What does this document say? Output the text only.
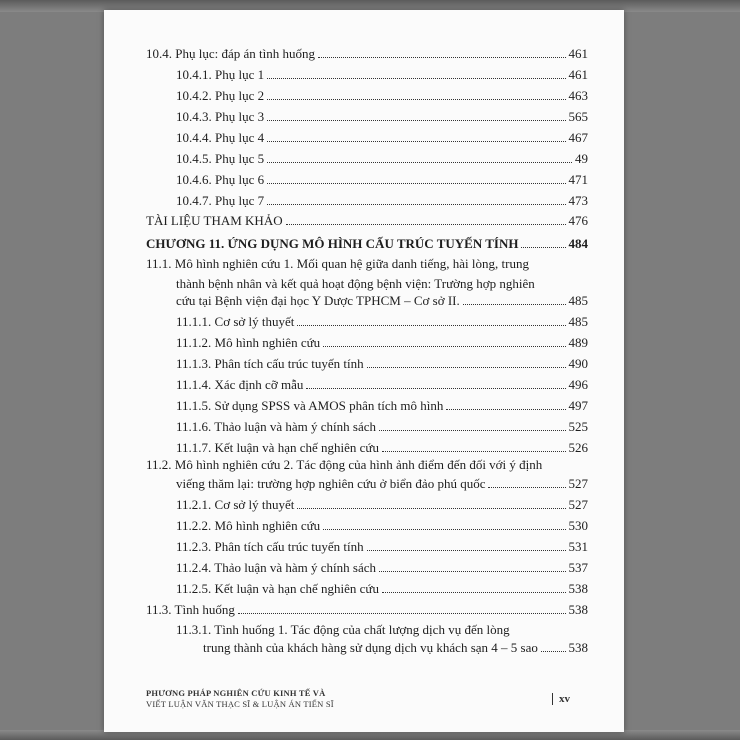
10.4. Phụ lục: đáp án tình huống	461
10.4.1. Phụ lục 1	461
10.4.2. Phụ lục 2	463
10.4.3. Phụ lục 3	565
10.4.4. Phụ lục 4	467
10.4.5. Phụ lục 5	49
10.4.6. Phụ lục 6	471
10.4.7. Phụ lục 7	473
TÀI LIỆU THAM KHẢO	476
CHƯƠNG 11. ỨNG DỤNG MÔ HÌNH CẤU TRÚC TUYẾN TÍNH	484
11.1. Mô hình nghiên cứu 1. Mối quan hệ giữa danh tiếng, hài lòng, trung
thành bệnh nhân và kết quả hoạt động bệnh viện: Trường hợp nghiên
cứu tại Bệnh viện đại học Y Dược TPHCM – Cơ sở II.	485
11.1.1. Cơ sở lý thuyết	485
11.1.2. Mô hình nghiên cứu	489
11.1.3. Phân tích cấu trúc tuyến tính	490
11.1.4. Xác định cỡ mẫu	496
11.1.5. Sử dụng SPSS và AMOS phân tích mô hình	497
11.1.6. Thảo luận và hàm ý chính sách	525
11.1.7. Kết luận và hạn chế nghiên cứu	526
11.2. Mô hình nghiên cứu 2. Tác động của hình ảnh điểm đến đối với ý định
viếng thăm lại: trường hợp nghiên cứu ở biển đảo phú quốc	527
11.2.1. Cơ sở lý thuyết	527
11.2.2. Mô hình nghiên cứu	530
11.2.3. Phân tích cấu trúc tuyến tính	531
11.2.4. Thảo luận và hàm ý chính sách	537
11.2.5. Kết luận và hạn chế nghiên cứu	538
11.3. Tình huống	538
11.3.1. Tình huống 1. Tác động của chất lượng dịch vụ đến lòng
trung thành của khách hàng sử dụng dịch vụ khách sạn 4 – 5 sao 538
PHƯƠNG PHÁP NGHIÊN CỨU KINH TẾ VÀ
VIẾT LUẬN VĂN THẠC SĨ & LUẬN ÁN TIẾN SĨ	xv
